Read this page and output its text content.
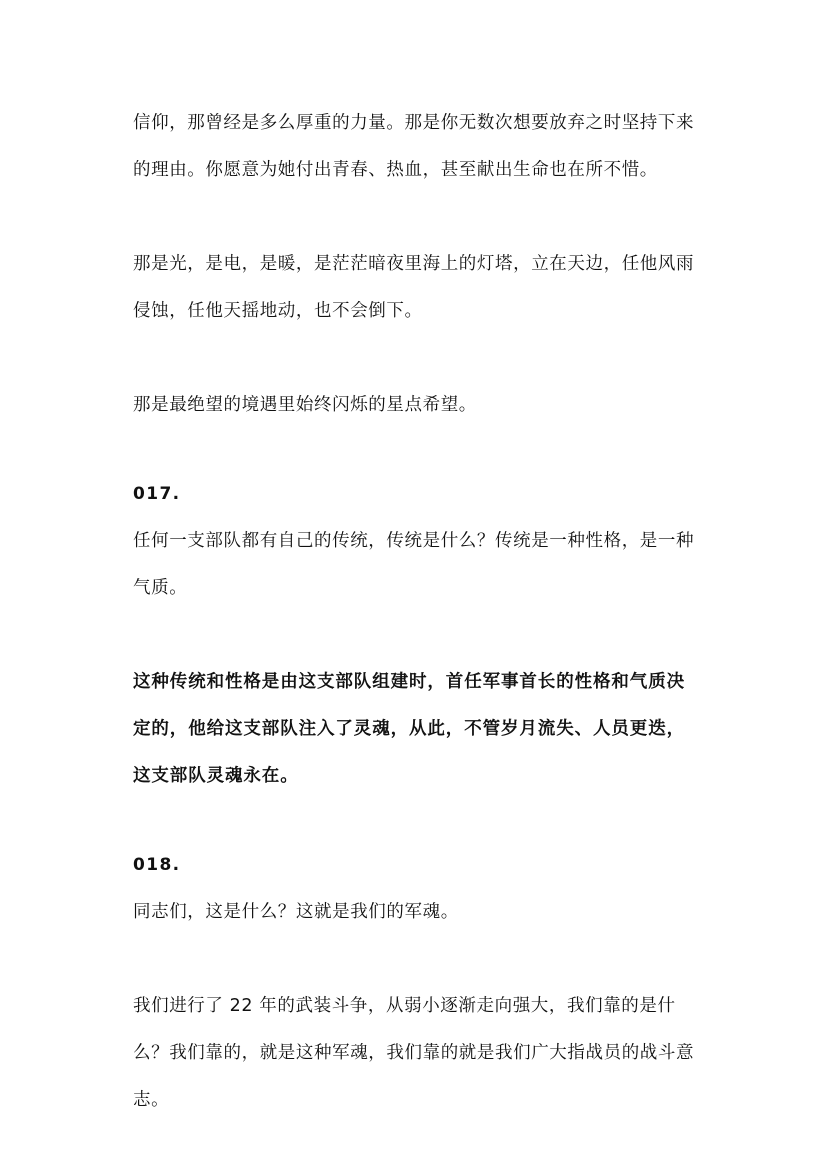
信仰，那曾经是多么厚重的力量。那是你无数次想要放弃之时坚持下来的理由。你愿意为她付出青春、热血，甚至献出生命也在所不惜。

那是光，是电，是暖，是茫茫暗夜里海上的灯塔，立在天边，任他风雨侵蚀，任他天摇地动，也不会倒下。

那是最绝望的境遇里始终闪烁的星点希望。

017.

任何一支部队都有自己的传统，传统是什么？传统是一种性格，是一种气质。

这种传统和性格是由这支部队组建时，首任军事首长的性格和气质决定的，他给这支部队注入了灵魂，从此，不管岁月流失、人员更迭，这支部队灵魂永在。

018.

同志们，这是什么？这就是我们的军魂。

我们进行了 22 年的武装斗争，从弱小逐渐走向强大，我们靠的是什么？我们靠的，就是这种军魂，我们靠的就是我们广大指战员的战斗意志。
